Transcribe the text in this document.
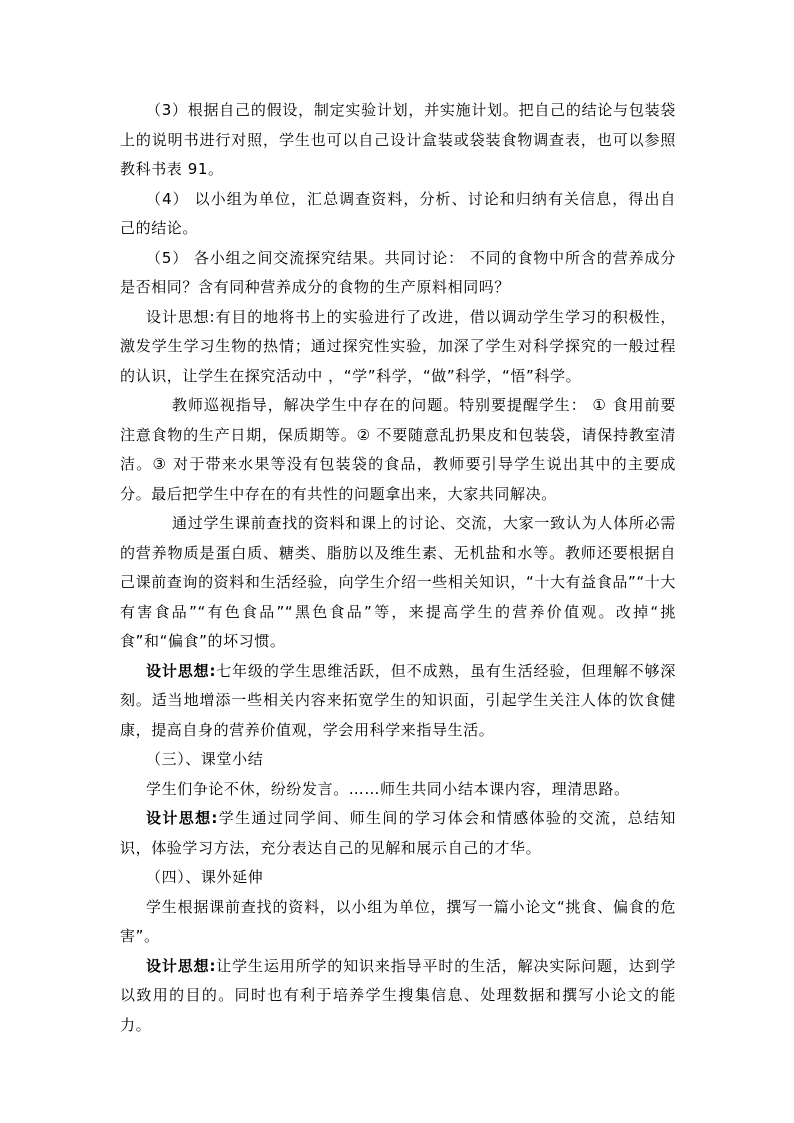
（3）根据自己的假设，制定实验计划，并实施计划。把自己的结论与包装袋上的说明书进行对照，学生也可以自己设计盒装或袋装食物调查表，也可以参照教科书表 91。

（4） 以小组为单位，汇总调查资料，分析、讨论和归纳有关信息，得出自己的结论。

（5） 各小组之间交流探究结果。共同讨论： 不同的食物中所含的营养成分是否相同？含有同种营养成分的食物的生产原料相同吗？

设计思想:有目的地将书上的实验进行了改进，借以调动学生学习的积极性，激发学生学习生物的热情；通过探究性实验，加深了学生对科学探究的一般过程的认识，让学生在探究活动中 ，“学”科学，“做”科学，“悟”科学。

教师巡视指导，解决学生中存在的问题。特别要提醒学生： ① 食用前要注意食物的生产日期，保质期等。② 不要随意乱扔果皮和包装袋，请保持教室清洁。③ 对于带来水果等没有包装袋的食品，教师要引导学生说出其中的主要成分。最后把学生中存在的有共性的问题拿出来，大家共同解决。

通过学生课前查找的资料和课上的讨论、交流，大家一致认为人体所必需的营养物质是蛋白质、糖类、脂肪以及维生素、无机盐和水等。教师还要根据自己课前查询的资料和生活经验，向学生介绍一些相关知识，“十大有益食品”“十大有害食品”“有色食品”“黑色食品”等，来提高学生的营养价值观。改掉“挑食”和“偏食”的坏习惯。

设计思想:七年级的学生思维活跃，但不成熟，虽有生活经验，但理解不够深刻。适当地增添一些相关内容来拓宽学生的知识面，引起学生关注人体的饮食健康，提高自身的营养价值观，学会用科学来指导生活。

（三）、课堂小结

学生们争论不休，纷纷发言。……师生共同小结本课内容，理清思路。

设计思想:学生通过同学间、师生间的学习体会和情感体验的交流，总结知识，体验学习方法，充分表达自己的见解和展示自己的才华。

（四）、课外延伸

学生根据课前查找的资料，以小组为单位，撰写一篇小论文“挑食、偏食的危害”。

设计思想:让学生运用所学的知识来指导平时的生活，解决实际问题，达到学以致用的目的。同时也有利于培养学生搜集信息、处理数据和撰写小论文的能力。
